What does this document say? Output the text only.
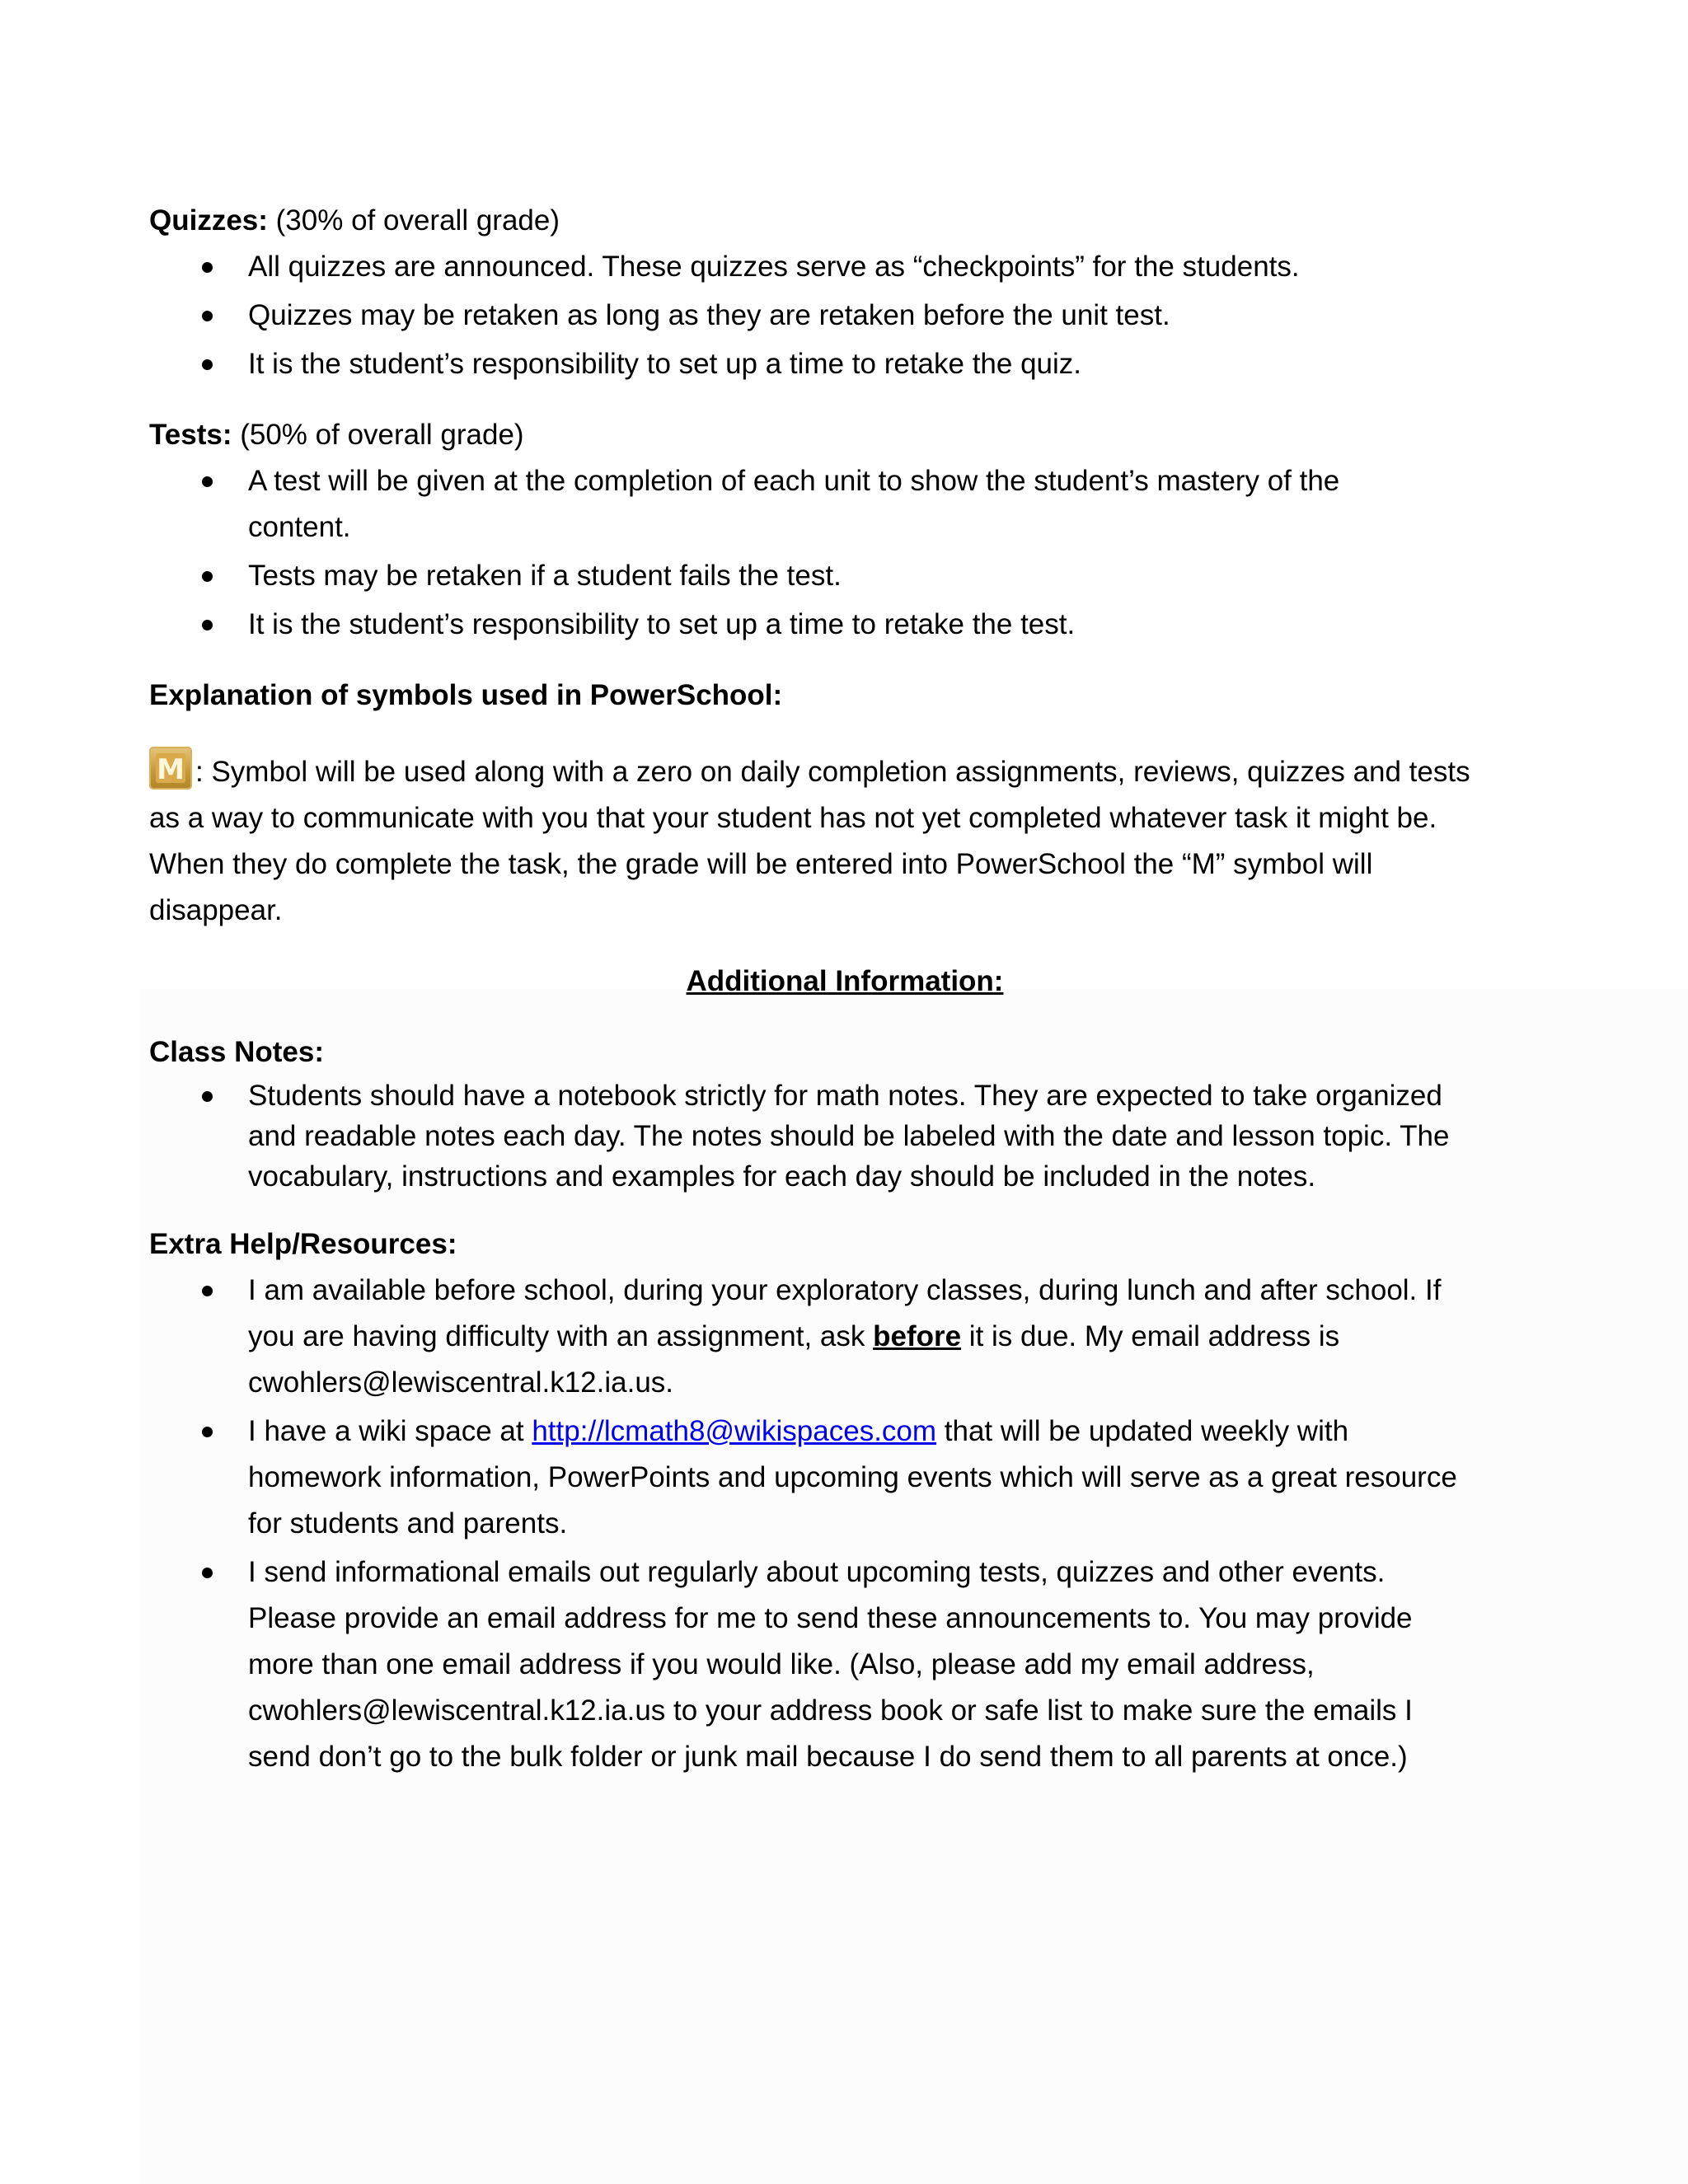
Quizzes: (30% of overall grade)

All quizzes are announced. These quizzes serve as “checkpoints” for the students.
Quizzes may be retaken as long as they are retaken before the unit test.
It is the student’s responsibility to set up a time to retake the quiz.

Tests: (50% of overall grade)

A test will be given at the completion of each unit to show the student’s mastery of the
content.
Tests may be retaken if a student fails the test.
It is the student’s responsibility to set up a time to retake the test.

Explanation of symbols used in PowerSchool:

M : Symbol will be used along with a zero on daily completion assignments, reviews, quizzes and tests

as a way to communicate with you that your student has not yet completed whatever task it might be.

When they do complete the task, the grade will be entered into PowerSchool the “M” symbol will

disappear.

Additional Information:

Class Notes:

Students should have a notebook strictly for math notes. They are expected to take organized
and readable notes each day. The notes should be labeled with the date and lesson topic. The
vocabulary, instructions and examples for each day should be included in the notes.

Extra Help/Resources:

I am available before school, during your exploratory classes, during lunch and after school. If
you are having difficulty with an assignment, ask before it is due. My email address is
cwohlers@lewiscentral.k12.ia.us.
I have a wiki space at http://lcmath8@wikispaces.com that will be updated weekly with
homework information, PowerPoints and upcoming events which will serve as a great resource
for students and parents.
I send informational emails out regularly about upcoming tests, quizzes and other events.
Please provide an email address for me to send these announcements to. You may provide
more than one email address if you would like. (Also, please add my email address,
cwohlers@lewiscentral.k12.ia.us to your address book or safe list to make sure the emails I
send don’t go to the bulk folder or junk mail because I do send them to all parents at once.)
